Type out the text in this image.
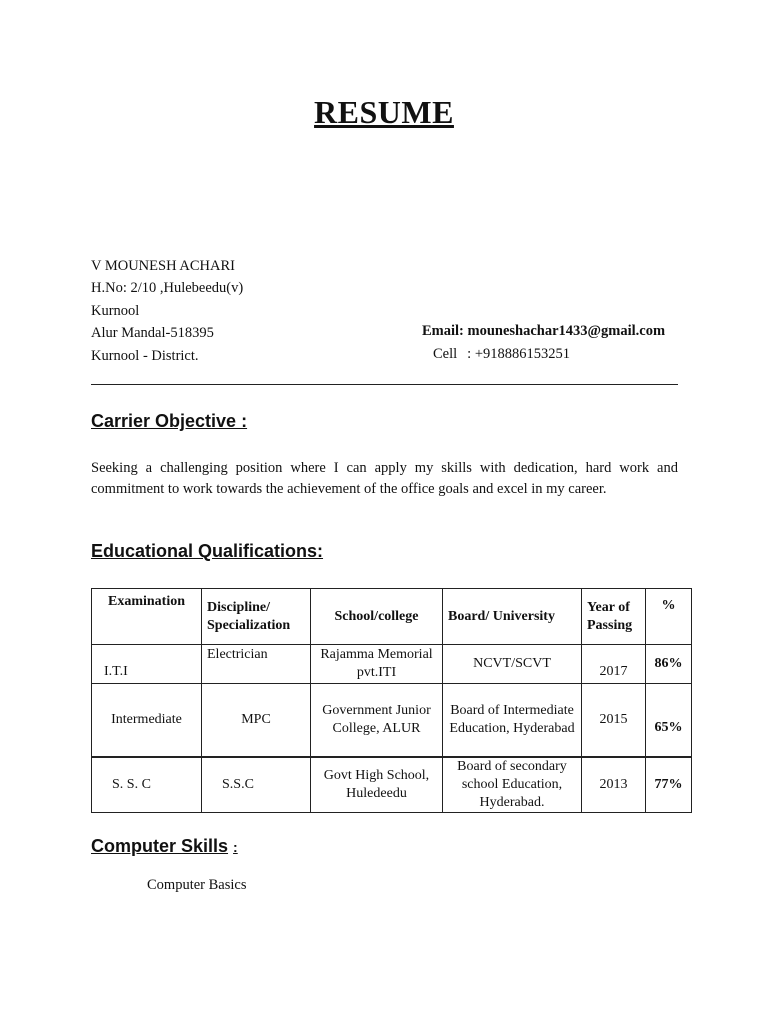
RESUME
V MOUNESH ACHARI
H.No: 2/10 ,Hulebeedu(v)
Kurnool
Alur Mandal-518395
Kurnool - District.
Email: mouneshachar1433@gmail.com
Cell : +918886153251
Carrier Objective :
Seeking a challenging position where I can apply my skills with dedication, hard work and commitment to work towards the achievement of the office goals and excel in my career.
Educational Qualifications:
Examination	Discipline/ Specialization	School/college	Board/ University	Year of Passing	%
I.T.I	Electrician	Rajamma Memorial pvt.ITI	NCVT/SCVT	2017	86%
Intermediate	MPC	Government Junior College, ALUR	Board of Intermediate Education, Hyderabad	2015	65%
S. S. C	S.S.C	Govt High School, Huledeedu	Board of secondary school Education, Hyderabad.	2013	77%
Computer Skills :
Computer Basics
